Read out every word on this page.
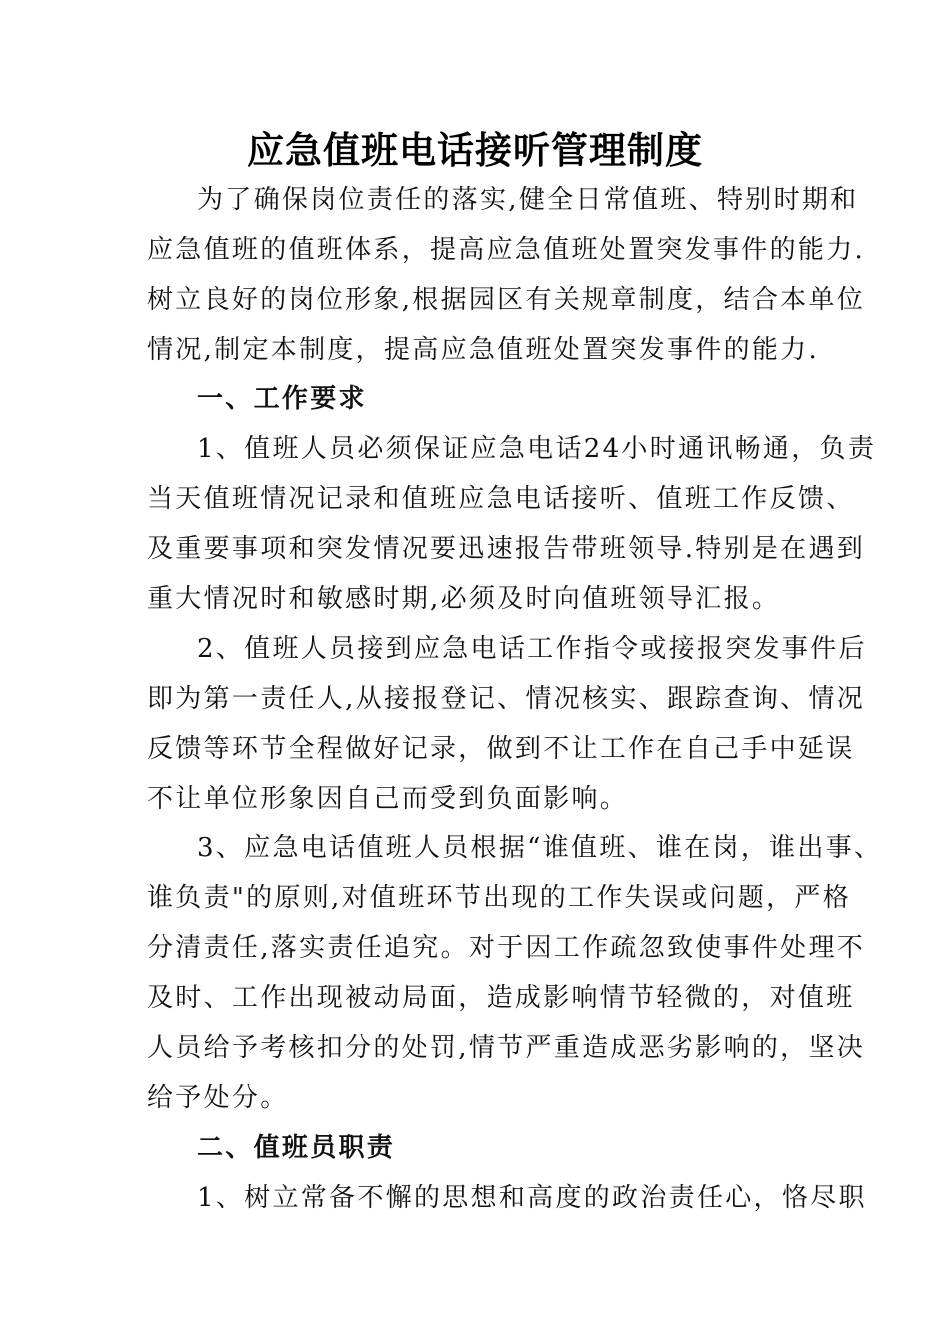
应急值班电话接听管理制度

为了确保岗位责任的落实,健全日常值班、特别时期和

应急值班的值班体系，提高应急值班处置突发事件的能力.

树立良好的岗位形象,根据园区有关规章制度，结合本单位

情况,制定本制度，提高应急值班处置突发事件的能力.

一、工作要求

1、值班人员必须保证应急电话24小时通讯畅通，负责

当天值班情况记录和值班应急电话接听、值班工作反馈、

及重要事项和突发情况要迅速报告带班领导.特别是在遇到

重大情况时和敏感时期,必须及时向值班领导汇报。

2、值班人员接到应急电话工作指令或接报突发事件后

即为第一责任人,从接报登记、情况核实、跟踪查询、情况

反馈等环节全程做好记录，做到不让工作在自己手中延误

不让单位形象因自己而受到负面影响。

3、应急电话值班人员根据“谁值班、谁在岗，谁出事、

谁负责"的原则,对值班环节出现的工作失误或问题，严格

分清责任,落实责任追究。对于因工作疏忽致使事件处理不

及时、工作出现被动局面，造成影响情节轻微的，对值班

人员给予考核扣分的处罚,情节严重造成恶劣影响的，坚决

给予处分。

二、值班员职责

1、树立常备不懈的思想和高度的政治责任心，恪尽职
